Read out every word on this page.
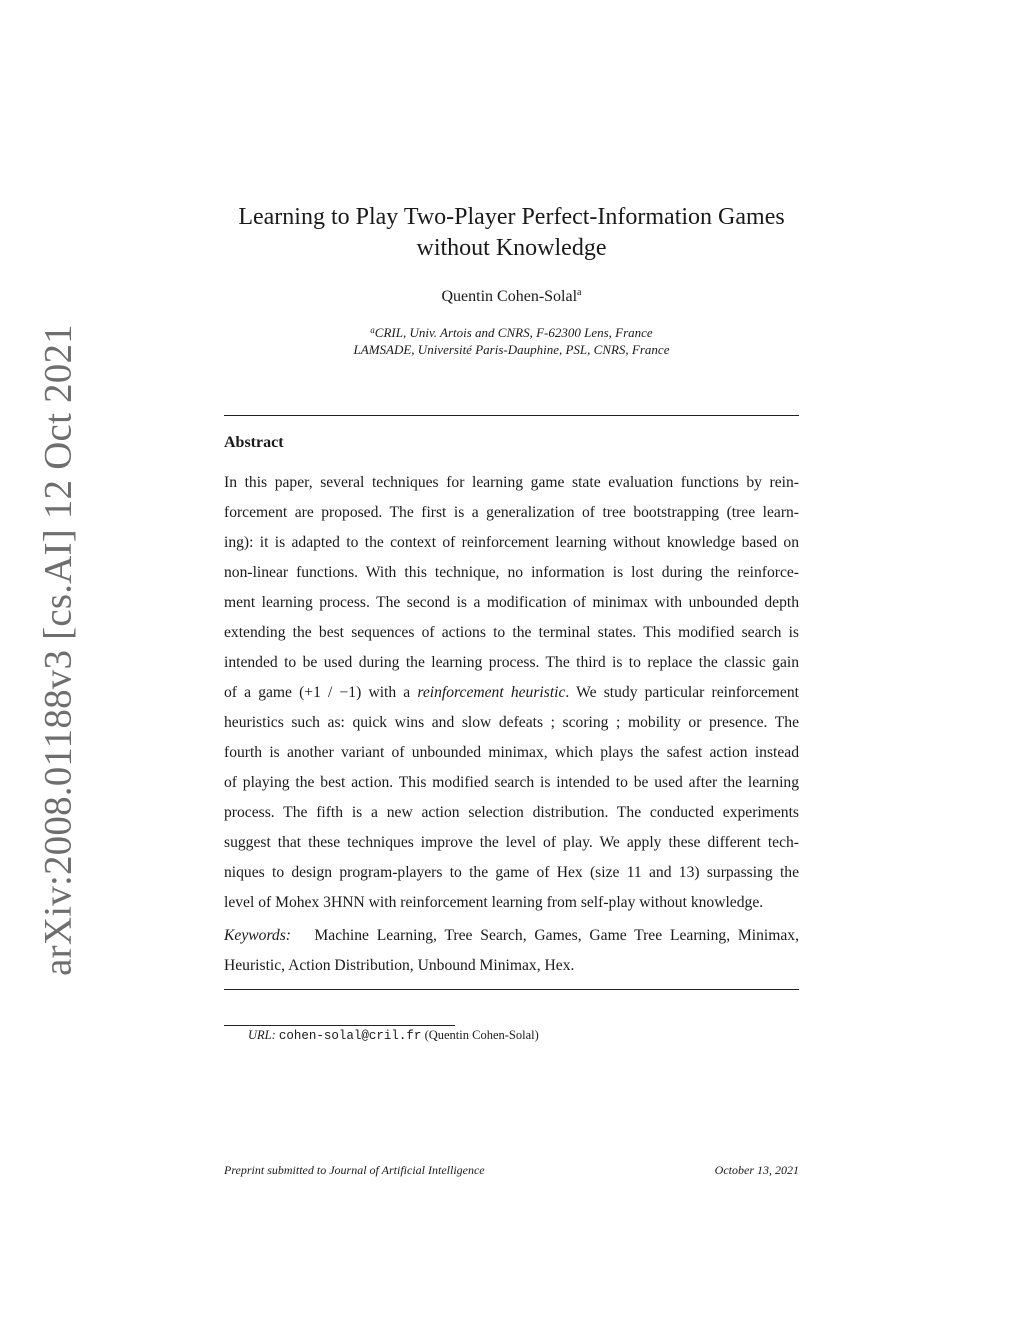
arXiv:2008.01188v3 [cs.AI] 12 Oct 2021
Learning to Play Two-Player Perfect-Information Games
without Knowledge
Quentin Cohen-Solal$^a$
$^a$CRIL, Univ. Artois and CNRS, F-62300 Lens, France
LAMSADE, Université Paris-Dauphine, PSL, CNRS, France
Abstract
In this paper, several techniques for learning game state evaluation functions by rein-
forcement are proposed. The first is a generalization of tree bootstrapping (tree learn-
ing): it is adapted to the context of reinforcement learning without knowledge based on
non-linear functions. With this technique, no information is lost during the reinforce-
ment learning process. The second is a modification of minimax with unbounded depth
extending the best sequences of actions to the terminal states. This modified search is
intended to be used during the learning process. The third is to replace the classic gain
of a game (+1 / −1) with a reinforcement heuristic. We study particular reinforcement
heuristics such as: quick wins and slow defeats ; scoring ; mobility or presence. The
fourth is another variant of unbounded minimax, which plays the safest action instead
of playing the best action. This modified search is intended to be used after the learning
process. The fifth is a new action selection distribution. The conducted experiments
suggest that these techniques improve the level of play. We apply these different tech-
niques to design program-players to the game of Hex (size 11 and 13) surpassing the
level of Mohex 3HNN with reinforcement learning from self-play without knowledge.
Keywords: Machine Learning, Tree Search, Games, Game Tree Learning, Minimax,
Heuristic, Action Distribution, Unbound Minimax, Hex.
URL: cohen-solal@cril.fr (Quentin Cohen-Solal)
Preprint submitted to Journal of Artificial Intelligence	October 13, 2021
